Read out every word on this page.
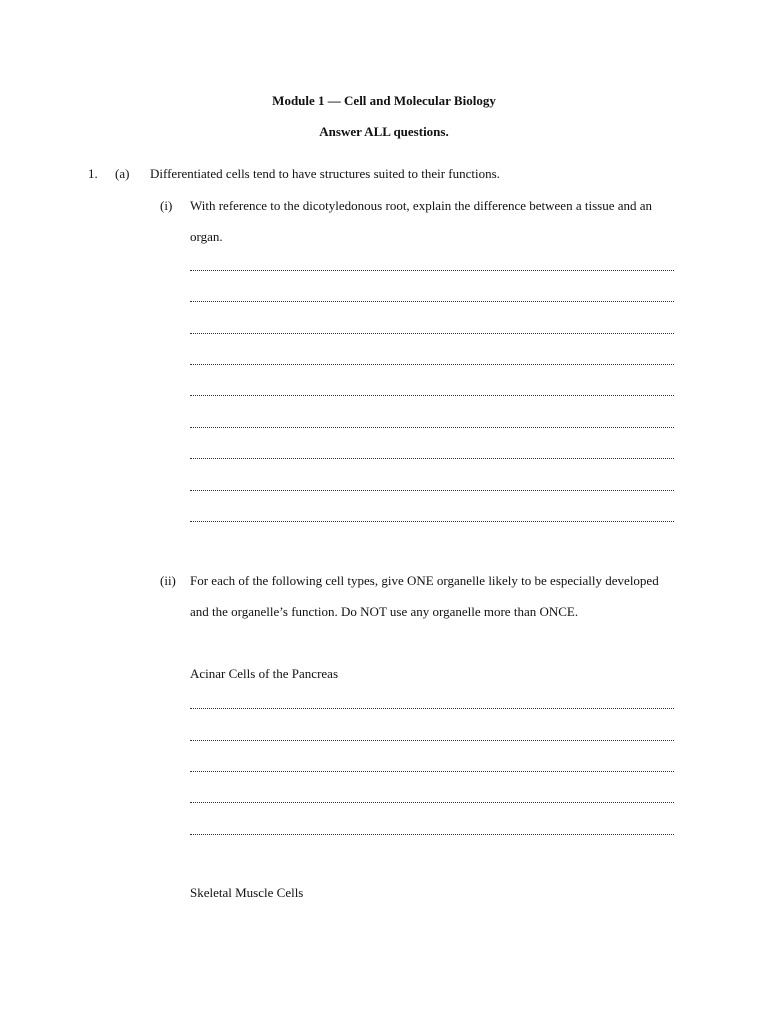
Module 1 — Cell and Molecular Biology
Answer ALL questions.
1. (a) Differentiated cells tend to have structures suited to their functions.
(i) With reference to the dicotyledonous root, explain the difference between a tissue and an
organ.
(ii) For each of the following cell types, give ONE organelle likely to be especially developed
and the organelle’s function. Do NOT use any organelle more than ONCE.
Acinar Cells of the Pancreas
Skeletal Muscle Cells
